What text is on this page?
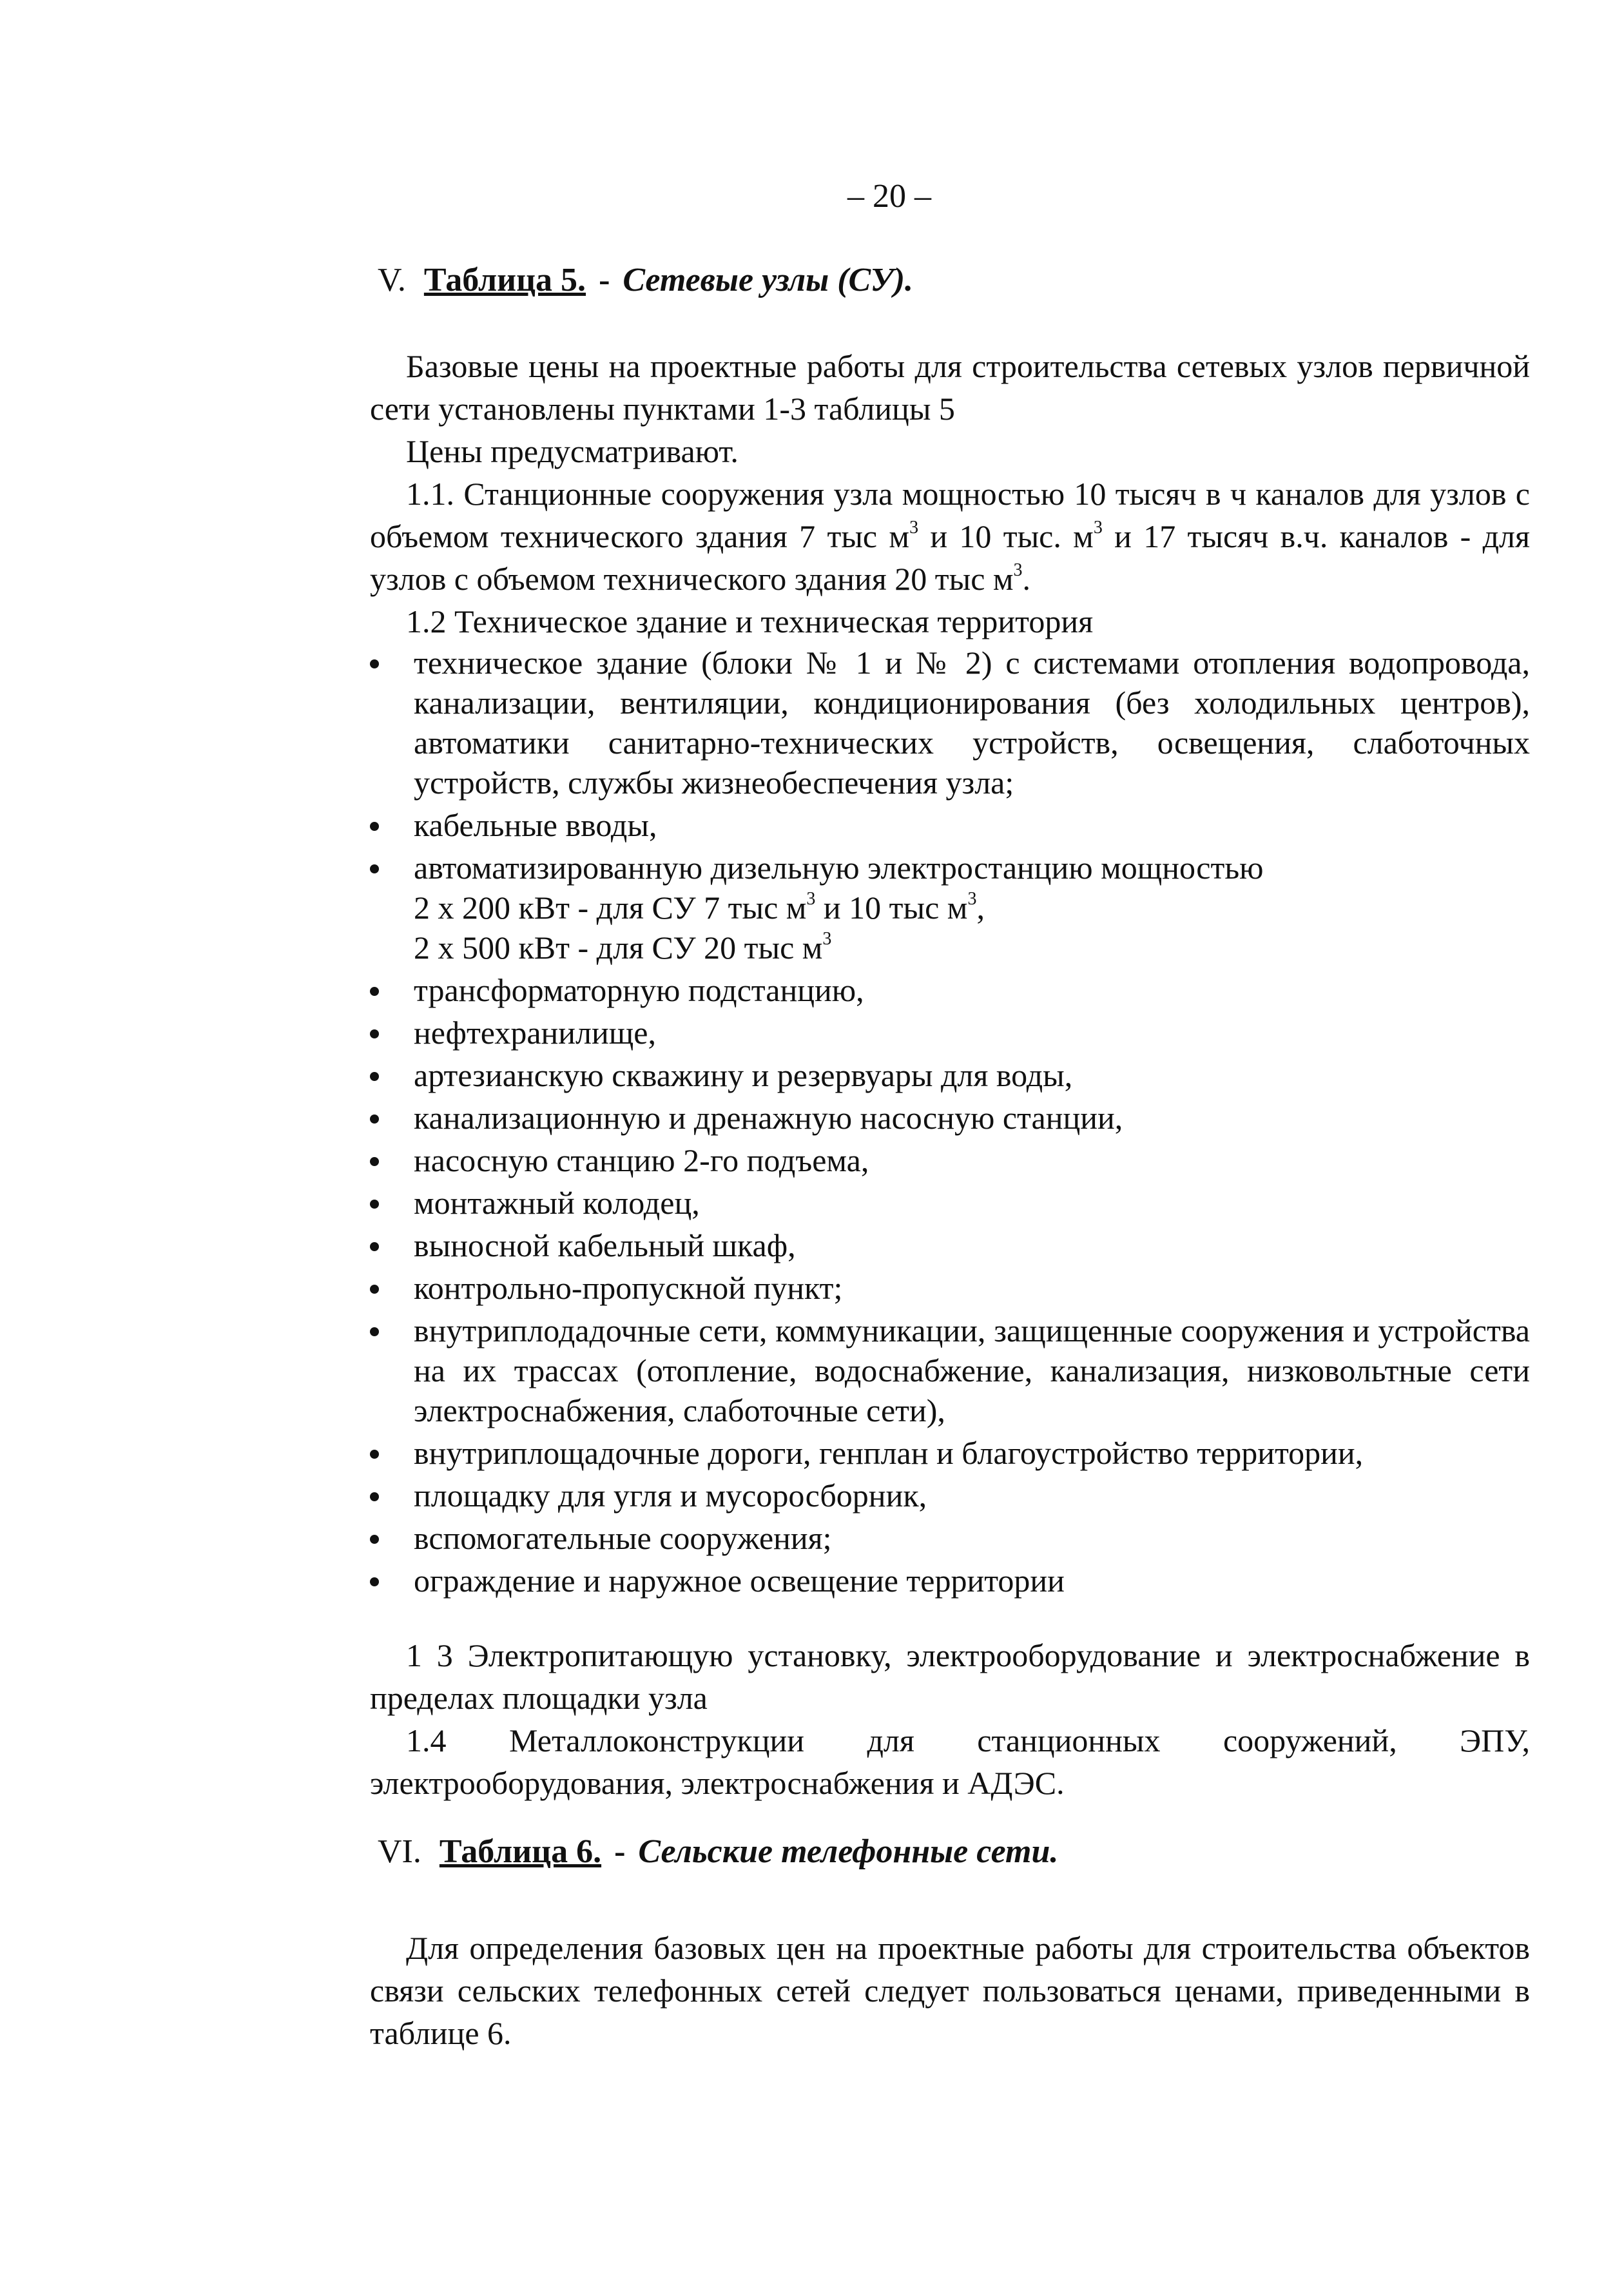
– 20 –
V. Таблица 5. - Сетевые узлы (СУ).
Базовые цены на проектные работы для строительства сетевых узлов первичной сети установлены пунктами 1-3 таблицы 5
Цены предусматривают.
1.1. Станционные сооружения узла мощностью 10 тысяч в ч каналов для узлов с объемом технического здания 7 тыс $м^3$ и 10 тыс. $м^3$ и 17 тысяч в.ч. каналов - для узлов с объемом технического здания 20 тыс $м^3$.
1.2 Техническое здание и техническая территория
техническое здание (блоки № 1 и № 2) с системами отопления водопровода, канализации, вентиляции, кондиционирования (без холодильных центров), автоматики санитарно-технических устройств, освещения, слаботочных устройств, службы жизнеобеспечения узла;
кабельные вводы,
автоматизированную дизельную электростанцию мощностью
2 х 200 кВт - для СУ 7 тыс $м^3$ и 10 тыс $м^3$,
2 х 500 кВт - для СУ 20 тыс $м^3$
трансформаторную подстанцию,
нефтехранилище,
артезианскую скважину и резервуары для воды,
канализационную и дренажную насосную станции,
насосную станцию 2-го подъема,
монтажный колодец,
выносной кабельный шкаф,
контрольно-пропускной пункт;
внутриплодадочные сети, коммуникации, защищенные сооружения и устройства на их трассах (отопление, водоснабжение, канализация, низковольтные сети электроснабжения, слаботочные сети),
внутриплощадочные дороги, генплан и благоустройство территории,
площадку для угля и мусоросборник,
вспомогательные сооружения;
ограждение и наружное освещение территории
1 3 Электропитающую установку, электрооборудование и электроснабжение в пределах площадки узла
1.4 Металлоконструкции для станционных сооружений, ЭПУ, электрооборудования, электроснабжения и АДЭС.
VI. Таблица 6. - Сельские телефонные сети.
Для определения базовых цен на проектные работы для строительства объектов связи сельских телефонных сетей следует пользоваться ценами, приведенными в таблице 6.
